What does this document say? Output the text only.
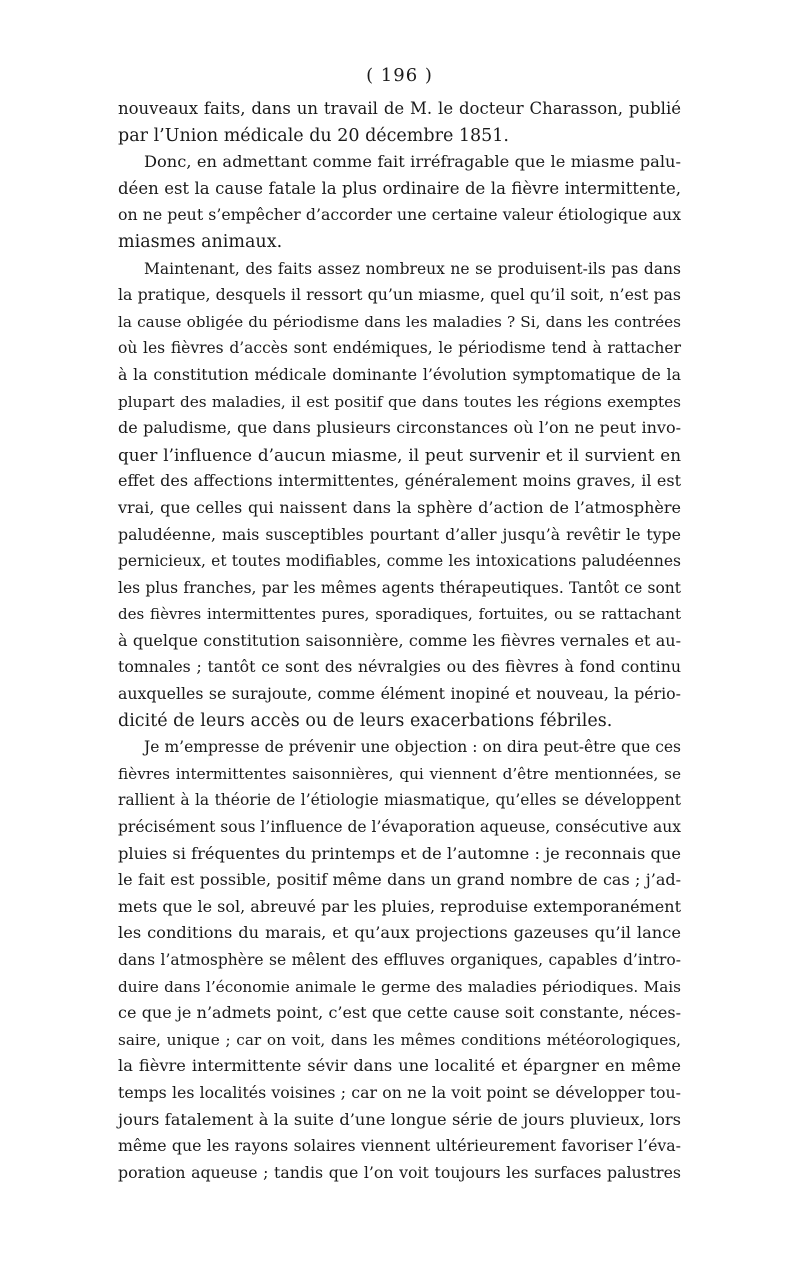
( 196 )
nouveaux faits, dans un travail de M. le docteur Charasson, publié
par l’Union médicale du 20 décembre 1851.
Donc, en admettant comme fait irréfragable que le miasme palu-
déen est la cause fatale la plus ordinaire de la fièvre intermittente,
on ne peut s’empêcher d’accorder une certaine valeur étiologique aux
miasmes animaux.
Maintenant, des faits assez nombreux ne se produisent-ils pas dans
la pratique, desquels il ressort qu’un miasme, quel qu’il soit, n’est pas
la cause obligée du périodisme dans les maladies ? Si, dans les contrées
où les fièvres d’accès sont endémiques, le périodisme tend à rattacher
à la constitution médicale dominante l’évolution symptomatique de la
plupart des maladies, il est positif que dans toutes les régions exemptes
de paludisme, que dans plusieurs circonstances où l’on ne peut invo-
quer l’influence d’aucun miasme, il peut survenir et il survient en
effet des affections intermittentes, généralement moins graves, il est
vrai, que celles qui naissent dans la sphère d’action de l’atmosphère
paludéenne, mais susceptibles pourtant d’aller jusqu’à revêtir le type
pernicieux, et toutes modifiables, comme les intoxications paludéennes
les plus franches, par les mêmes agents thérapeutiques. Tantôt ce sont
des fièvres intermittentes pures, sporadiques, fortuites, ou se rattachant
à quelque constitution saisonnière, comme les fièvres vernales et au-
tomnales ; tantôt ce sont des névralgies ou des fièvres à fond continu
auxquelles se surajoute, comme élément inopiné et nouveau, la pério-
dicité de leurs accès ou de leurs exacerbations fébriles.
Je m’empresse de prévenir une objection : on dira peut-être que ces
fièvres intermittentes saisonnières, qui viennent d’être mentionnées, se
rallient à la théorie de l’étiologie miasmatique, qu’elles se développent
précisément sous l’influence de l’évaporation aqueuse, consécutive aux
pluies si fréquentes du printemps et de l’automne : je reconnais que
le fait est possible, positif même dans un grand nombre de cas ; j’ad-
mets que le sol, abreuvé par les pluies, reproduise extemporanément
les conditions du marais, et qu’aux projections gazeuses qu’il lance
dans l’atmosphère se mêlent des effluves organiques, capables d’intro-
duire dans l’économie animale le germe des maladies périodiques. Mais
ce que je n’admets point, c’est que cette cause soit constante, néces-
saire, unique ; car on voit, dans les mêmes conditions météorologiques,
la fièvre intermittente sévir dans une localité et épargner en même
temps les localités voisines ; car on ne la voit point se développer tou-
jours fatalement à la suite d’une longue série de jours pluvieux, lors
même que les rayons solaires viennent ultérieurement favoriser l’éva-
poration aqueuse ; tandis que l’on voit toujours les surfaces palustres
